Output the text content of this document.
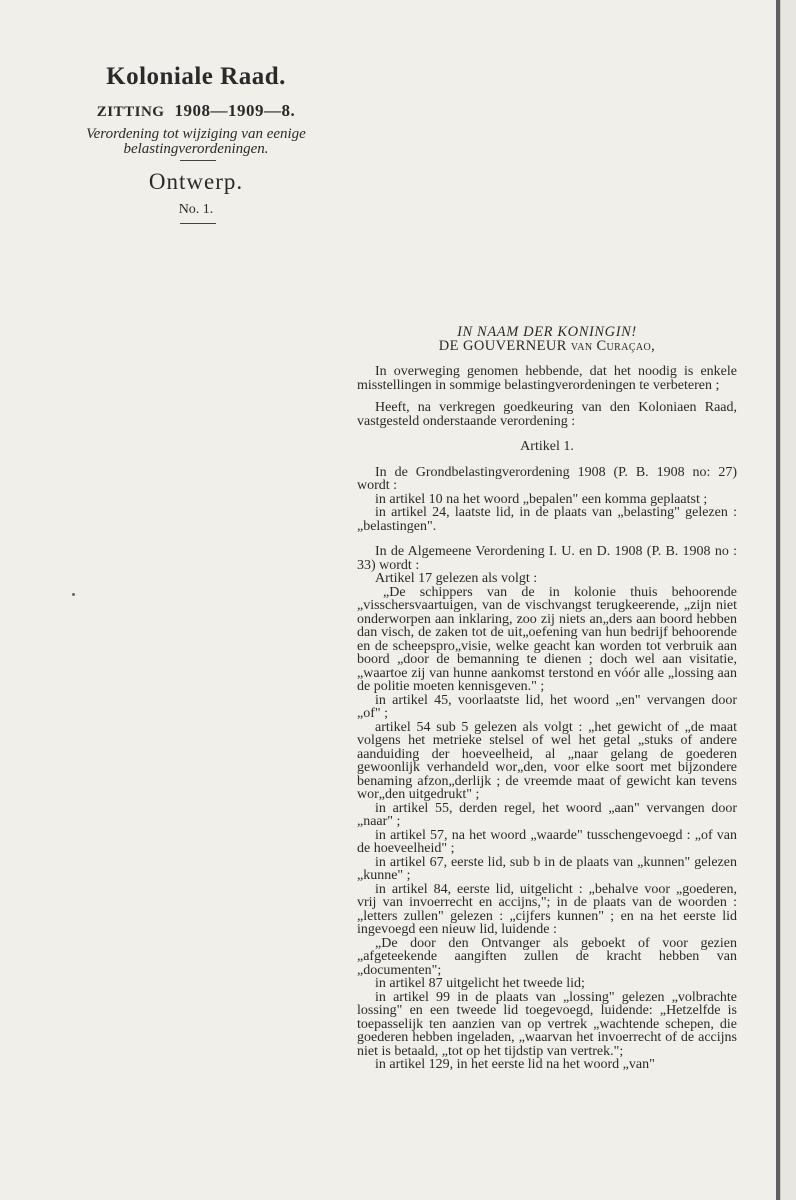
Koloniale Raad.

ZITTING 1908—1909—8.

Verordening tot wijziging van eenige
belastingverordeningen.

Ontwerp.

No. 1.

IN NAAM DER KONINGIN!

DE GOUVERNEUR van Curaçao,

In overweging genomen hebbende, dat het noodig is enkele misstellingen in sommige belastingverordeningen te verbeteren ;

Heeft, na verkregen goedkeuring van den Koloniaen Raad, vastgesteld onderstaande verordening :

Artikel 1.

In de Grondbelastingverordening 1908 (P. B. 1908 no: 27) wordt :

in artikel 10 na het woord „bepalen" een komma geplaatst ;

in artikel 24, laatste lid, in de plaats van „belasting" gelezen : „belastingen".

In de Algemeene Verordening I. U. en D. 1908 (P. B. 1908 no : 33) wordt :

Artikel 17 gelezen als volgt :

„De schippers van de in kolonie thuis behoorende „visschersvaartuigen, van de vischvangst terugkeerende, „zijn niet onderworpen aan inklaring, zoo zij niets an„ders aan boord hebben dan visch, de zaken tot de uit„oefening van hun bedrijf behoorende en de scheepspro„visie, welke geacht kan worden tot verbruik aan boord „door de bemanning te dienen ; doch wel aan visitatie, „waartoe zij van hunne aankomst terstond en vóór alle „lossing aan de politie moeten kennisgeven." ;

in artikel 45, voorlaatste lid, het woord „en" vervangen door „of" ;

artikel 54 sub 5 gelezen als volgt : „het gewicht of „de maat volgens het metrieke stelsel of wel het getal „stuks of andere aanduiding der hoeveelheid, al „naar gelang de goederen gewoonlijk verhandeld wor„den, voor elke soort met bijzondere benaming afzon„derlijk ; de vreemde maat of gewicht kan tevens wor„den uitgedrukt" ;

in artikel 55, derden regel, het woord „aan" vervangen door „naar" ;

in artikel 57, na het woord „waarde" tusschengevoegd : „of van de hoeveelheid" ;

in artikel 67, eerste lid, sub b in de plaats van „kunnen" gelezen „kunne" ;

in artikel 84, eerste lid, uitgelicht : „behalve voor „goederen, vrij van invoerrecht en accijns,"; in de plaats van de woorden : „letters zullen" gelezen : „cijfers kunnen" ; en na het eerste lid ingevoegd een nieuw lid, luidende :

„De door den Ontvanger als geboekt of voor gezien „afgeteekende aangiften zullen de kracht hebben van „documenten";

in artikel 87 uitgelicht het tweede lid;

in artikel 99 in de plaats van „lossing" gelezen „volbrachte lossing" en een tweede lid toegevoegd, luidende: „Hetzelfde is toepasselijk ten aanzien van op vertrek „wachtende schepen, die goederen hebben ingeladen, „waarvan het invoerrecht of de accijns niet is betaald, „tot op het tijdstip van vertrek.";

in artikel 129, in het eerste lid na het woord „van"
